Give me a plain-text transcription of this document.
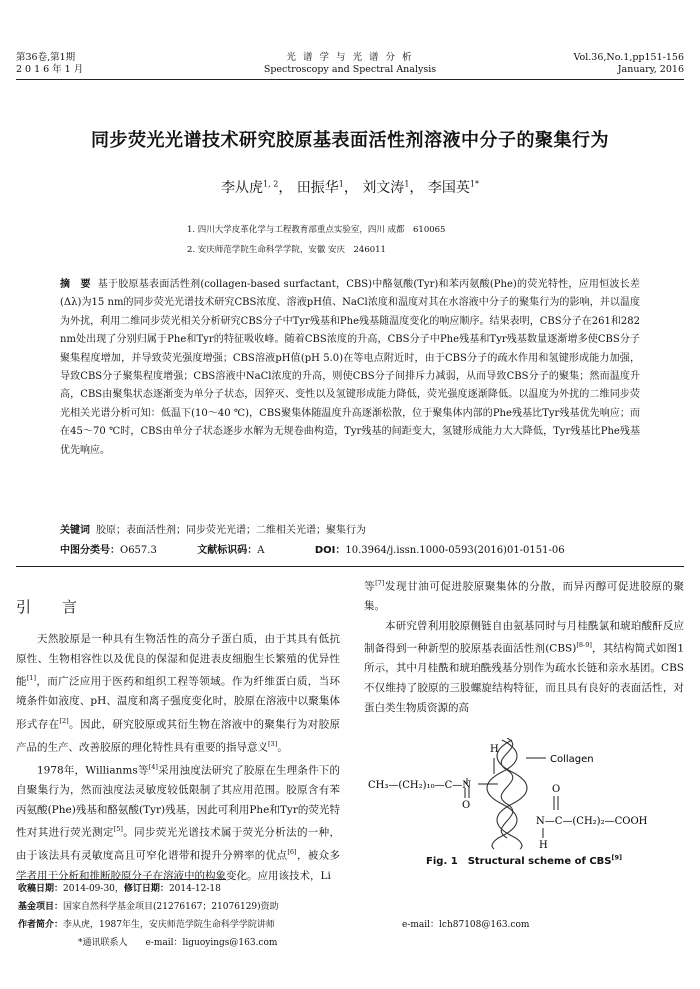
第36卷,第1期
2016年1月
光 谱 学 与 光 谱 分 析
Spectroscopy and Spectral Analysis
Vol.36,No.1,pp151-156
January, 2016
同步荧光光谱技术研究胶原基表面活性剂溶液中分子的聚集行为
李从虎$^{1, 2}$， 田振华$^1$， 刘文涛$^1$， 李国英$^{1*}$
1. 四川大学皮革化学与工程教育部重点实验室，四川 成都　610065
2. 安庆师范学院生命科学学院，安徽 安庆　246011
摘　要 基于胶原基表面活性剂(collagen-based surfactant，CBS)中酪氨酸(Tyr)和苯丙氨酸(Phe)的荧光特性，应用恒波长差(Δλ)为15 nm的同步荧光光谱技术研究CBS浓度、溶液pH值、NaCl浓度和温度对其在水溶液中分子的聚集行为的影响，并以温度为外扰，利用二维同步荧光相关分析研究CBS分子中Tyr残基和Phe残基随温度变化的响应顺序。结果表明，CBS分子在261和282 nm处出现了分别归属于Phe和Tyr的特征吸收峰。随着CBS浓度的升高，CBS分子中Phe残基和Tyr残基数量逐渐增多使CBS分子聚集程度增加，并导致荧光强度增强；CBS溶液pH值(pH 5.0)在等电点附近时，由于CBS分子的疏水作用和氢键形成能力加强，导致CBS分子聚集程度增强；CBS溶液中NaCl浓度的升高，则使CBS分子间排斥力减弱，从而导致CBS分子的聚集；然而温度升高，CBS由聚集状态逐渐变为单分子状态，因猝灭、变性以及氢键形成能力降低，荧光强度逐渐降低。以温度为外扰的二维同步荧光相关光谱分析可知：低温下(10～40 ℃)，CBS聚集体随温度升高逐渐松散，位于聚集体内部的Phe残基比Tyr残基优先响应；而在45～70 ℃时，CBS由单分子状态逐步水解为无规卷曲构造，Tyr残基的间距变大，氢键形成能力大大降低，Tyr残基比Phe残基优先响应。
关键词 胶原；表面活性剂；同步荧光光谱；二维相关光谱；聚集行为
中图分类号：O657.3	文献标识码：A	DOI：10.3964/j.issn.1000-0593(2016)01-0151-06
引　言

天然胶原是一种具有生物活性的高分子蛋白质，由于其具有低抗原性、生物相容性以及优良的保湿和促进表皮细胞生长繁殖的优异性能[1]，而广泛应用于医药和组织工程等领域。作为纤维蛋白质，当环境条件如液度、pH、温度和离子强度变化时，胶原在溶液中以聚集体形式存在[2]。因此，研究胶原或其衍生物在溶液中的聚集行为对胶原产品的生产、改善胶原的理化特性具有重要的指导意义[3]。

1978年，Willianms等[4]采用浊度法研究了胶原在生理条件下的自聚集行为，然而浊度法灵敏度较低限制了其应用范围。胶原含有苯丙氨酸(Phe)残基和酪氨酸(Tyr)残基，因此可利用Phe和Tyr的荧光特性对其进行荧光测定[5]。同步荧光光谱技术属于荧光分析法的一种，由于该法具有灵敏度高且可窄化谱带和提升分辨率的优点[6]，被众多学者用于分析和推断胶原分子在溶液中的构象变化。应用该技术，Li

等[7]发现甘油可促进胶原聚集体的分散，而异丙醇可促进胶原的聚集。

本研究曾利用胶原侧链自由氨基同时与月桂酰氯和琥珀酸酐反应制备得到一种新型的胶原基表面活性剂(CBS)[8-9]，其结构简式如图1所示，其中月桂酰和琥珀酰残基分别作为疏水长链和亲水基团。CBS不仅维持了胶原的三股螺旋结构特征，而且具有良好的表面活性，对蛋白类生物质资源的高

H
CH₃—(CH₂)₁₀—C—N
O
Collagen
O
N—C—(CH₂)₂—COOH
H
Fig. 1　Structural scheme of CBS[9]
收稿日期：2014-09-30，修订日期：2014-12-18
基金项目：国家自然科学基金项目(21276167；21076129)资助
作者简介：李从虎，1987年生，安庆师范学院生命科学学院讲师	e-mail：lch87108@163.com
*通讯联系人　　e-mail：liguoyings@163.com
